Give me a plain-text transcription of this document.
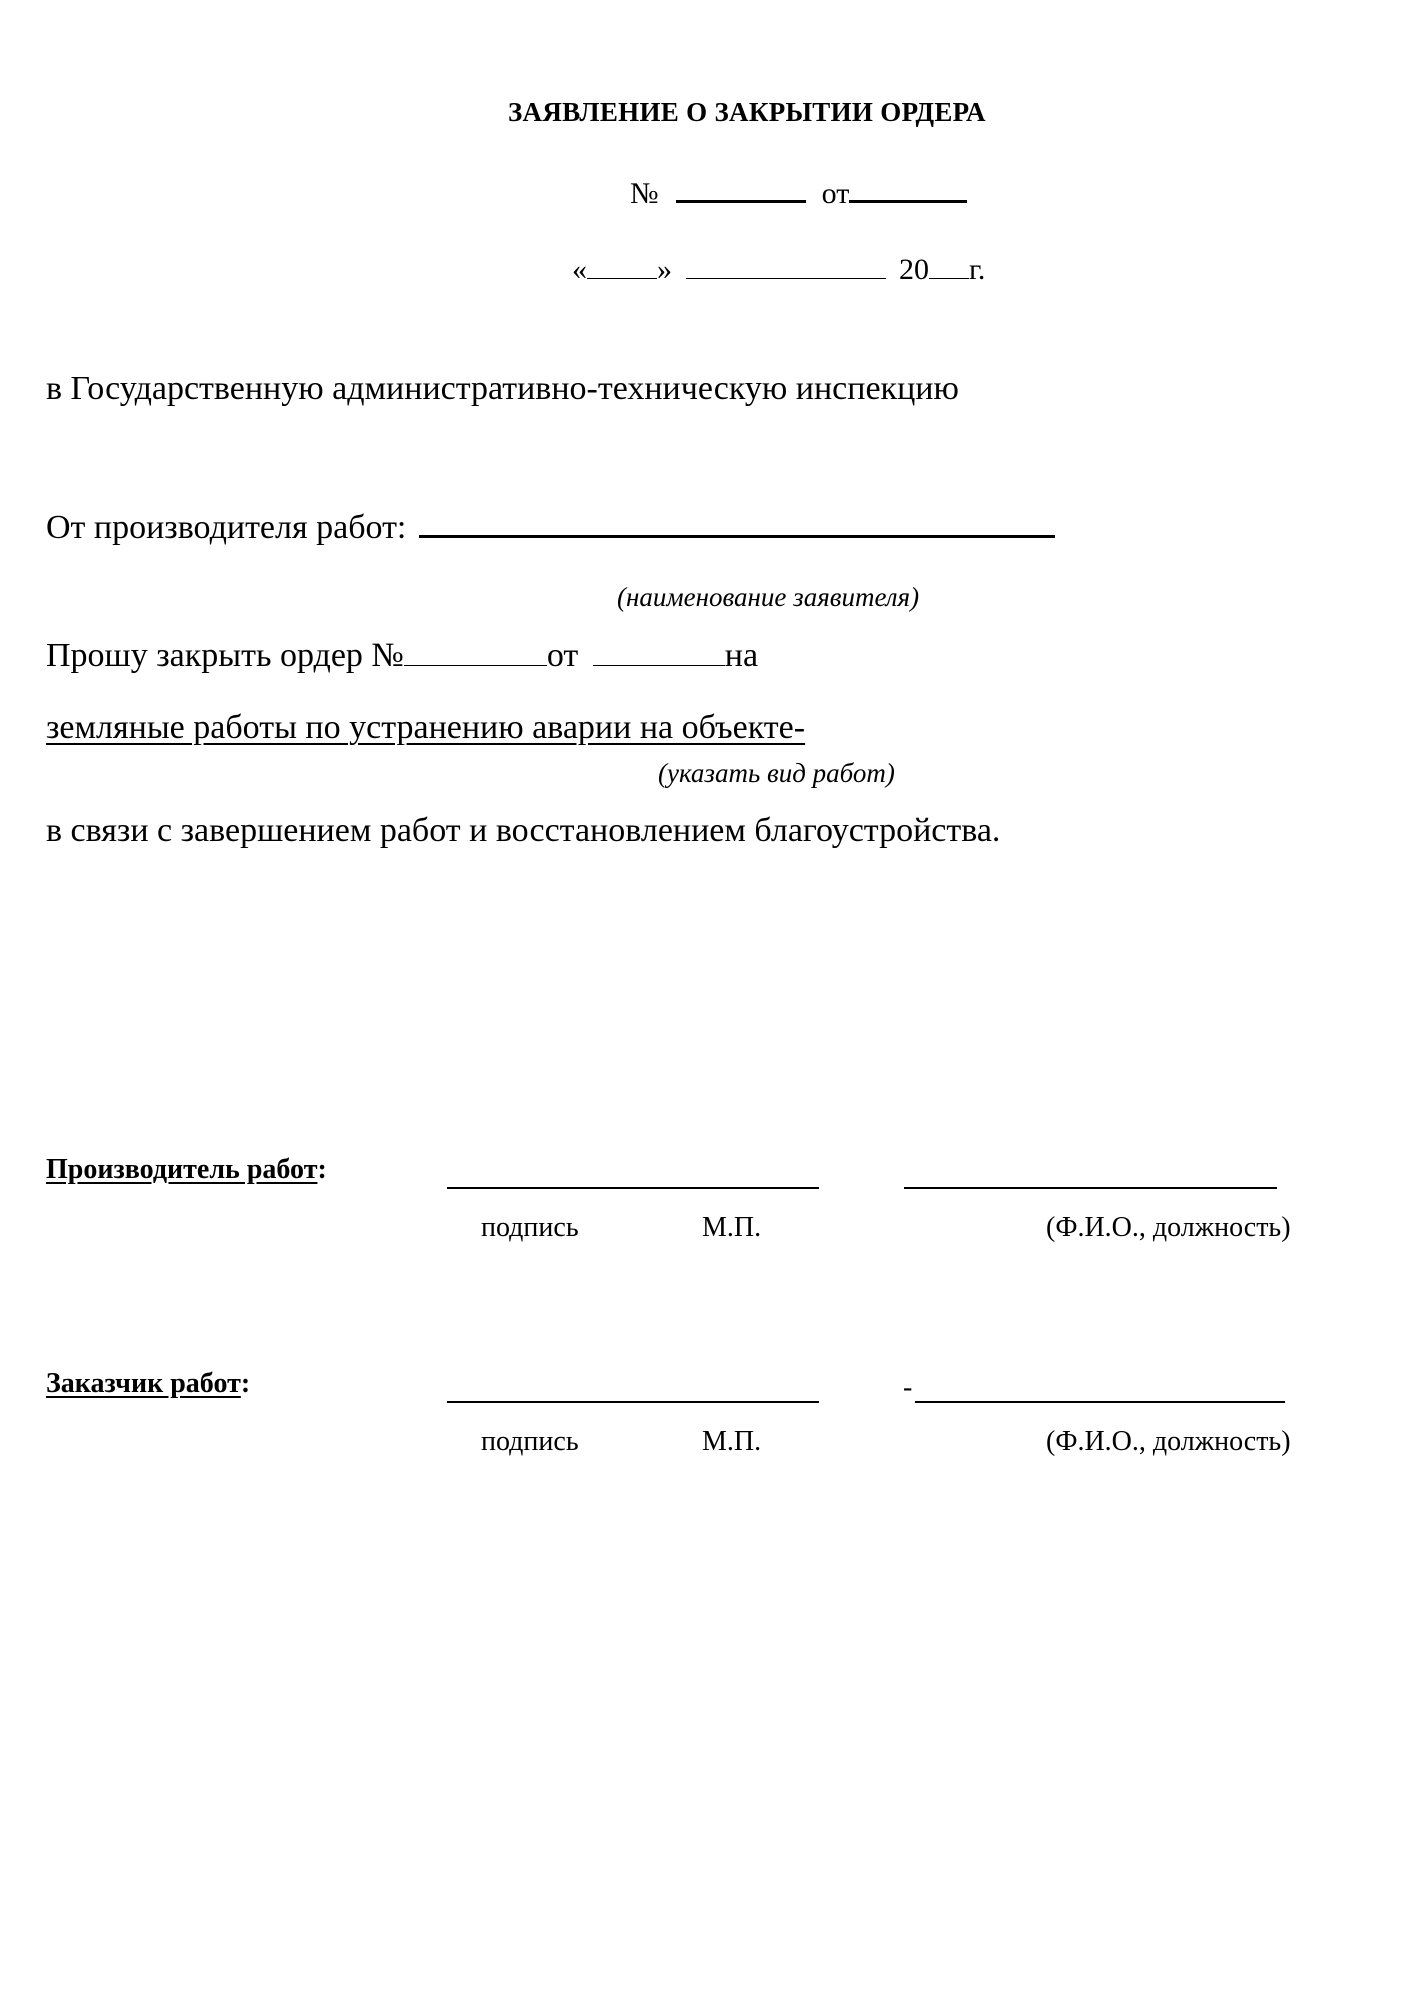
ЗАЯВЛЕНИЕ О ЗАКРЫТИИ ОРДЕРА
№	от
« »	20 г.
в Государственную административно-техническую инспекцию
От производителя работ:
(наименование заявителя)
Прошу закрыть ордер №	от	на
земляные работы по устранению аварии на объекте-
(указать вид работ)
в связи с завершением работ и восстановлением благоустройства.
Производитель работ:
подпись	М.П.	(Ф.И.О., должность)
Заказчик работ:	-
подпись	М.П.	(Ф.И.О., должность)
